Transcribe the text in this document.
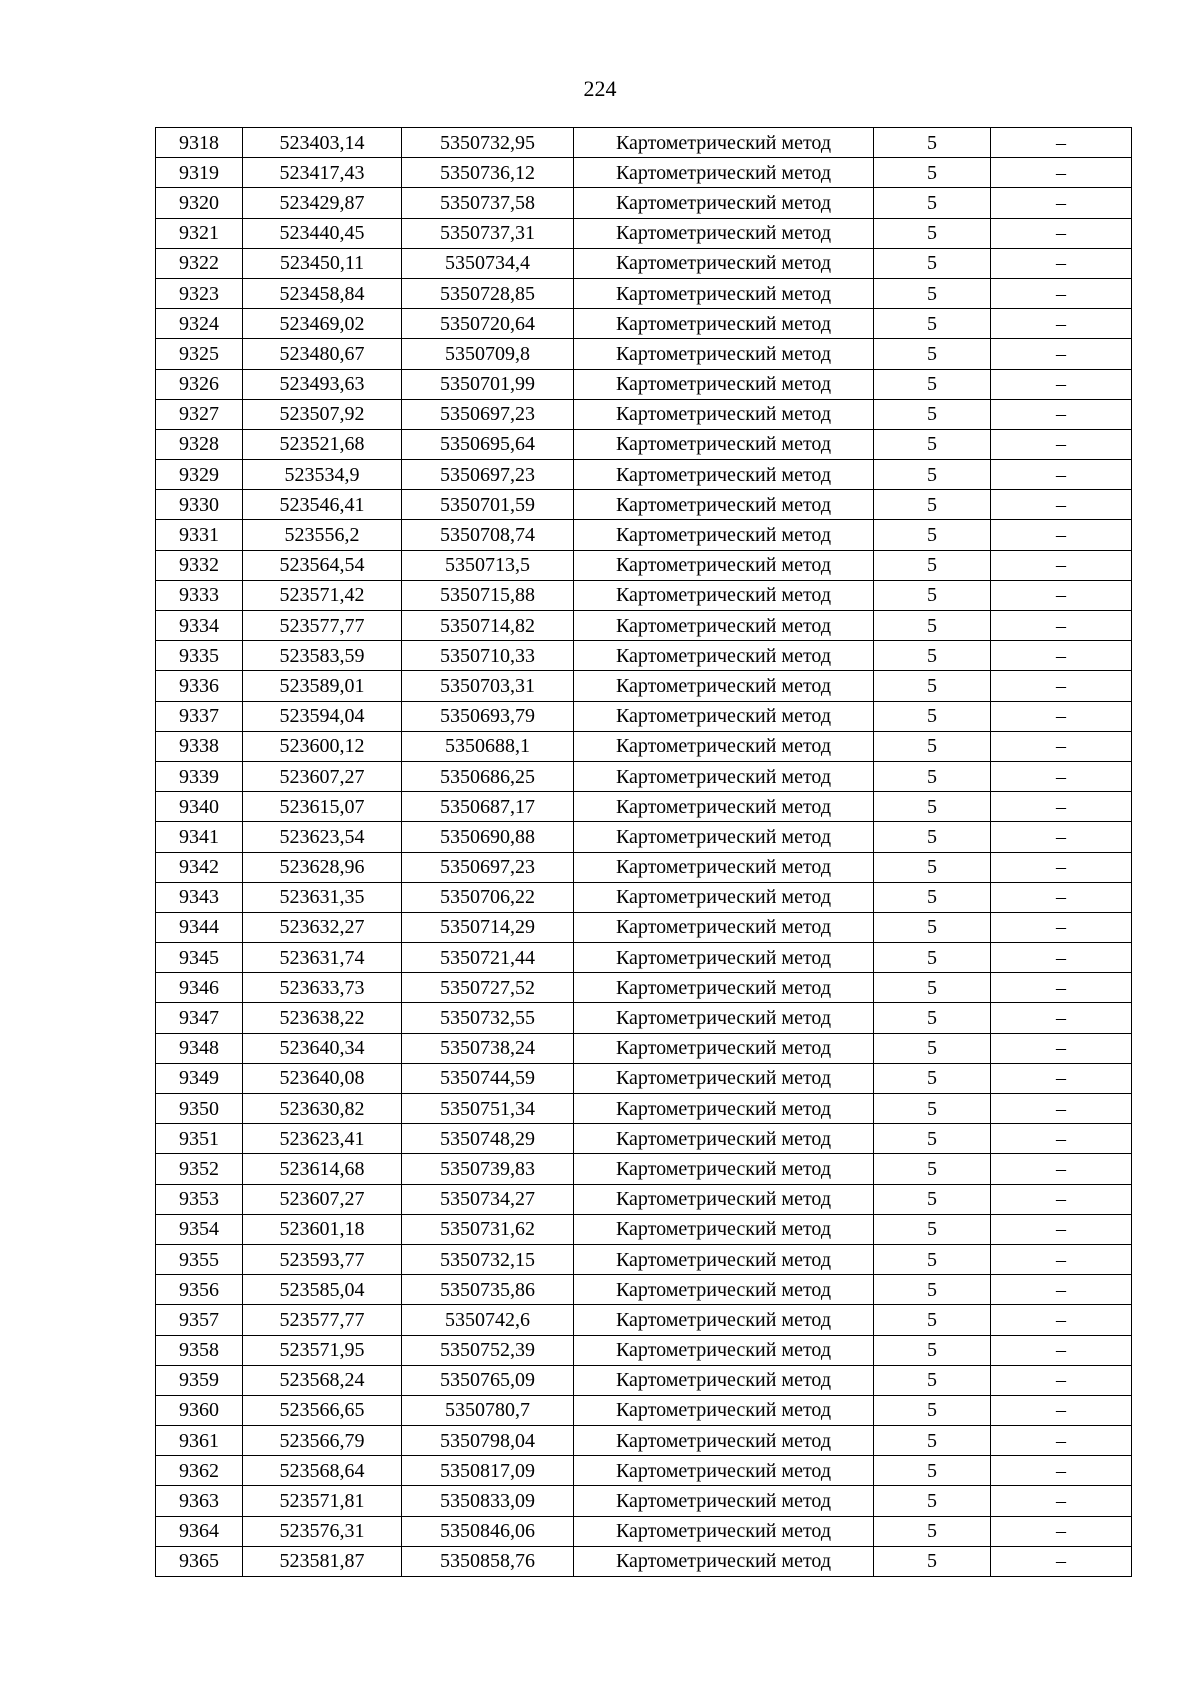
224
9318	523403,14	5350732,95	Картометрический метод	5	–
9319	523417,43	5350736,12	Картометрический метод	5	–
9320	523429,87	5350737,58	Картометрический метод	5	–
9321	523440,45	5350737,31	Картометрический метод	5	–
9322	523450,11	5350734,4	Картометрический метод	5	–
9323	523458,84	5350728,85	Картометрический метод	5	–
9324	523469,02	5350720,64	Картометрический метод	5	–
9325	523480,67	5350709,8	Картометрический метод	5	–
9326	523493,63	5350701,99	Картометрический метод	5	–
9327	523507,92	5350697,23	Картометрический метод	5	–
9328	523521,68	5350695,64	Картометрический метод	5	–
9329	523534,9	5350697,23	Картометрический метод	5	–
9330	523546,41	5350701,59	Картометрический метод	5	–
9331	523556,2	5350708,74	Картометрический метод	5	–
9332	523564,54	5350713,5	Картометрический метод	5	–
9333	523571,42	5350715,88	Картометрический метод	5	–
9334	523577,77	5350714,82	Картометрический метод	5	–
9335	523583,59	5350710,33	Картометрический метод	5	–
9336	523589,01	5350703,31	Картометрический метод	5	–
9337	523594,04	5350693,79	Картометрический метод	5	–
9338	523600,12	5350688,1	Картометрический метод	5	–
9339	523607,27	5350686,25	Картометрический метод	5	–
9340	523615,07	5350687,17	Картометрический метод	5	–
9341	523623,54	5350690,88	Картометрический метод	5	–
9342	523628,96	5350697,23	Картометрический метод	5	–
9343	523631,35	5350706,22	Картометрический метод	5	–
9344	523632,27	5350714,29	Картометрический метод	5	–
9345	523631,74	5350721,44	Картометрический метод	5	–
9346	523633,73	5350727,52	Картометрический метод	5	–
9347	523638,22	5350732,55	Картометрический метод	5	–
9348	523640,34	5350738,24	Картометрический метод	5	–
9349	523640,08	5350744,59	Картометрический метод	5	–
9350	523630,82	5350751,34	Картометрический метод	5	–
9351	523623,41	5350748,29	Картометрический метод	5	–
9352	523614,68	5350739,83	Картометрический метод	5	–
9353	523607,27	5350734,27	Картометрический метод	5	–
9354	523601,18	5350731,62	Картометрический метод	5	–
9355	523593,77	5350732,15	Картометрический метод	5	–
9356	523585,04	5350735,86	Картометрический метод	5	–
9357	523577,77	5350742,6	Картометрический метод	5	–
9358	523571,95	5350752,39	Картометрический метод	5	–
9359	523568,24	5350765,09	Картометрический метод	5	–
9360	523566,65	5350780,7	Картометрический метод	5	–
9361	523566,79	5350798,04	Картометрический метод	5	–
9362	523568,64	5350817,09	Картометрический метод	5	–
9363	523571,81	5350833,09	Картометрический метод	5	–
9364	523576,31	5350846,06	Картометрический метод	5	–
9365	523581,87	5350858,76	Картометрический метод	5	–
